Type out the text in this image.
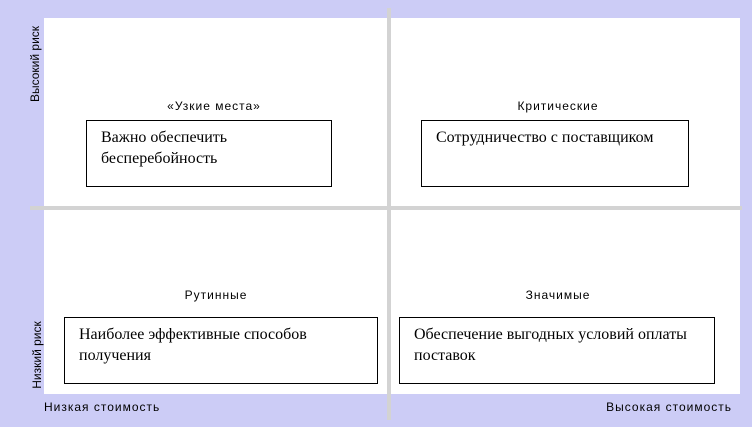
«Узкие места»	Критические
Рутинные	Значимые
Важно обеспечить бесперебойность
Сотрудничество с поставщиком
Наиболее эффективные способов получения
Обеспечение выгодных условий оплаты поставок
Высокий риск
Низкий риск
Низкая стоимость	Высокая стоимость
